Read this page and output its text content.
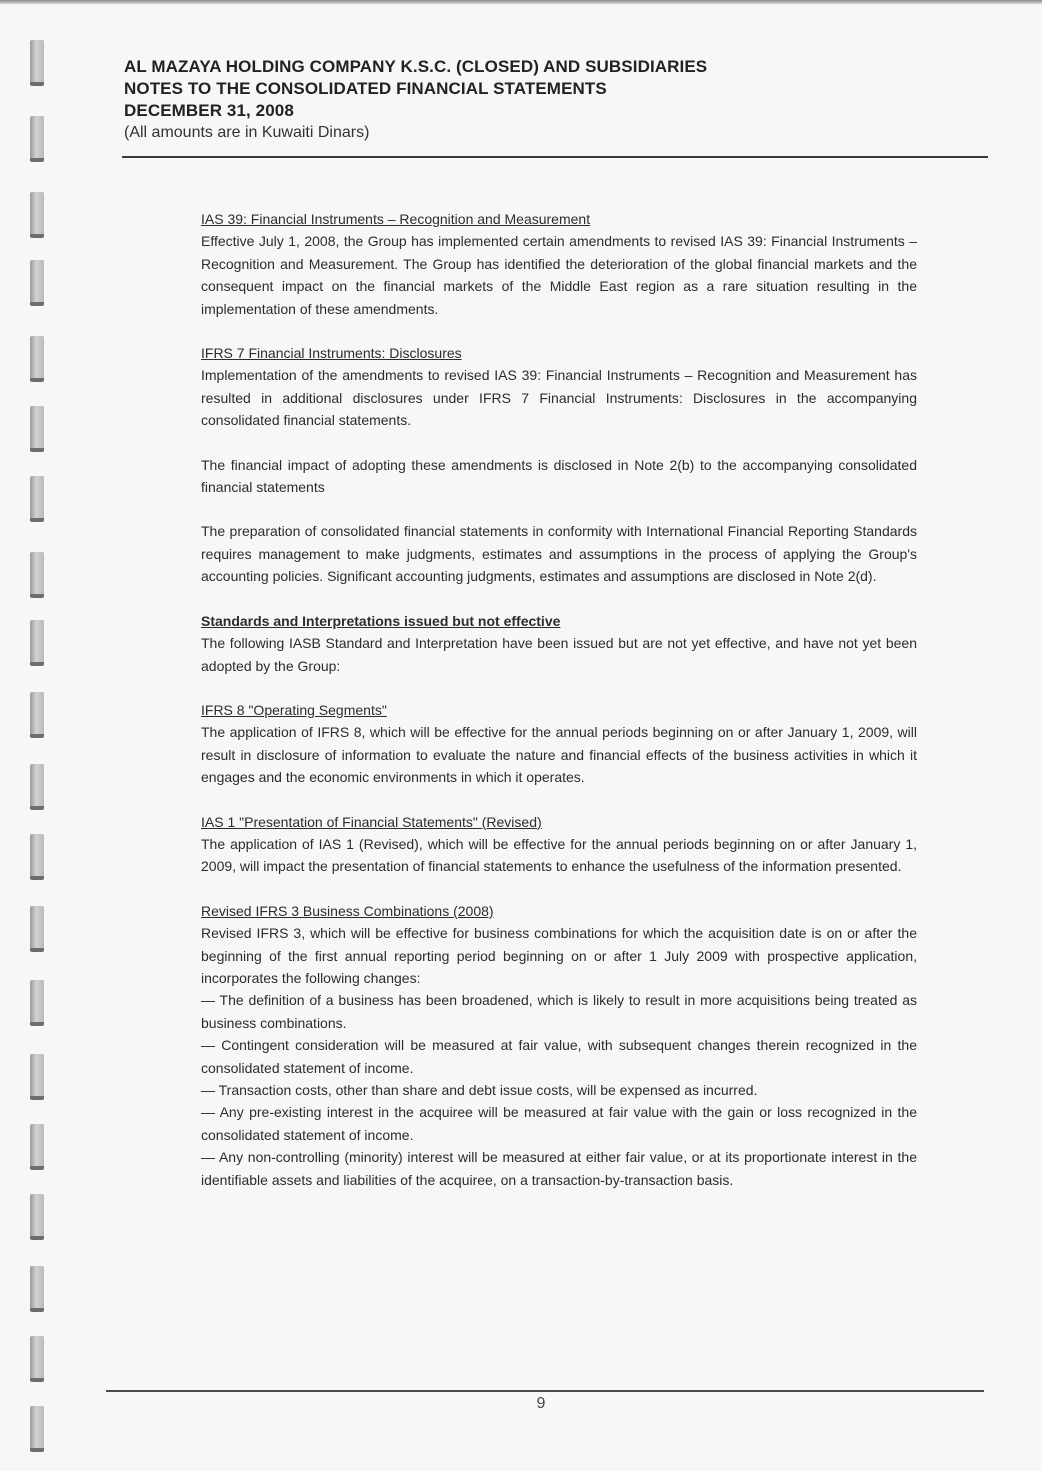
AL MAZAYA HOLDING COMPANY K.S.C. (CLOSED) AND SUBSIDIARIES
NOTES TO THE CONSOLIDATED FINANCIAL STATEMENTS
DECEMBER 31, 2008
(All amounts are in Kuwaiti Dinars)
IAS 39: Financial Instruments – Recognition and Measurement
Effective July 1, 2008, the Group has implemented certain amendments to revised IAS 39: Financial Instruments – Recognition and Measurement. The Group has identified the deterioration of the global financial markets and the consequent impact on the financial markets of the Middle East region as a rare situation resulting in the implementation of these amendments.
IFRS 7 Financial Instruments: Disclosures
Implementation of the amendments to revised IAS 39: Financial Instruments – Recognition and Measurement has resulted in additional disclosures under IFRS 7 Financial Instruments: Disclosures in the accompanying consolidated financial statements.
The financial impact of adopting these amendments is disclosed in Note 2(b) to the accompanying consolidated financial statements
The preparation of consolidated financial statements in conformity with International Financial Reporting Standards requires management to make judgments, estimates and assumptions in the process of applying the Group's accounting policies. Significant accounting judgments, estimates and assumptions are disclosed in Note 2(d).
Standards and Interpretations issued but not effective
The following IASB Standard and Interpretation have been issued but are not yet effective, and have not yet been adopted by the Group:
IFRS 8 "Operating Segments"
The application of IFRS 8, which will be effective for the annual periods beginning on or after January 1, 2009, will result in disclosure of information to evaluate the nature and financial effects of the business activities in which it engages and the economic environments in which it operates.
IAS 1 "Presentation of Financial Statements" (Revised)
The application of IAS 1 (Revised), which will be effective for the annual periods beginning on or after January 1, 2009, will impact the presentation of financial statements to enhance the usefulness of the information presented.
Revised IFRS 3 Business Combinations (2008)
Revised IFRS 3, which will be effective for business combinations for which the acquisition date is on or after the beginning of the first annual reporting period beginning on or after 1 July 2009 with prospective application, incorporates the following changes:
— The definition of a business has been broadened, which is likely to result in more acquisitions being treated as business combinations.
— Contingent consideration will be measured at fair value, with subsequent changes therein recognized in the consolidated statement of income.
— Transaction costs, other than share and debt issue costs, will be expensed as incurred.
— Any pre-existing interest in the acquiree will be measured at fair value with the gain or loss recognized in the consolidated statement of income.
— Any non-controlling (minority) interest will be measured at either fair value, or at its proportionate interest in the identifiable assets and liabilities of the acquiree, on a transaction-by-transaction basis.
9
